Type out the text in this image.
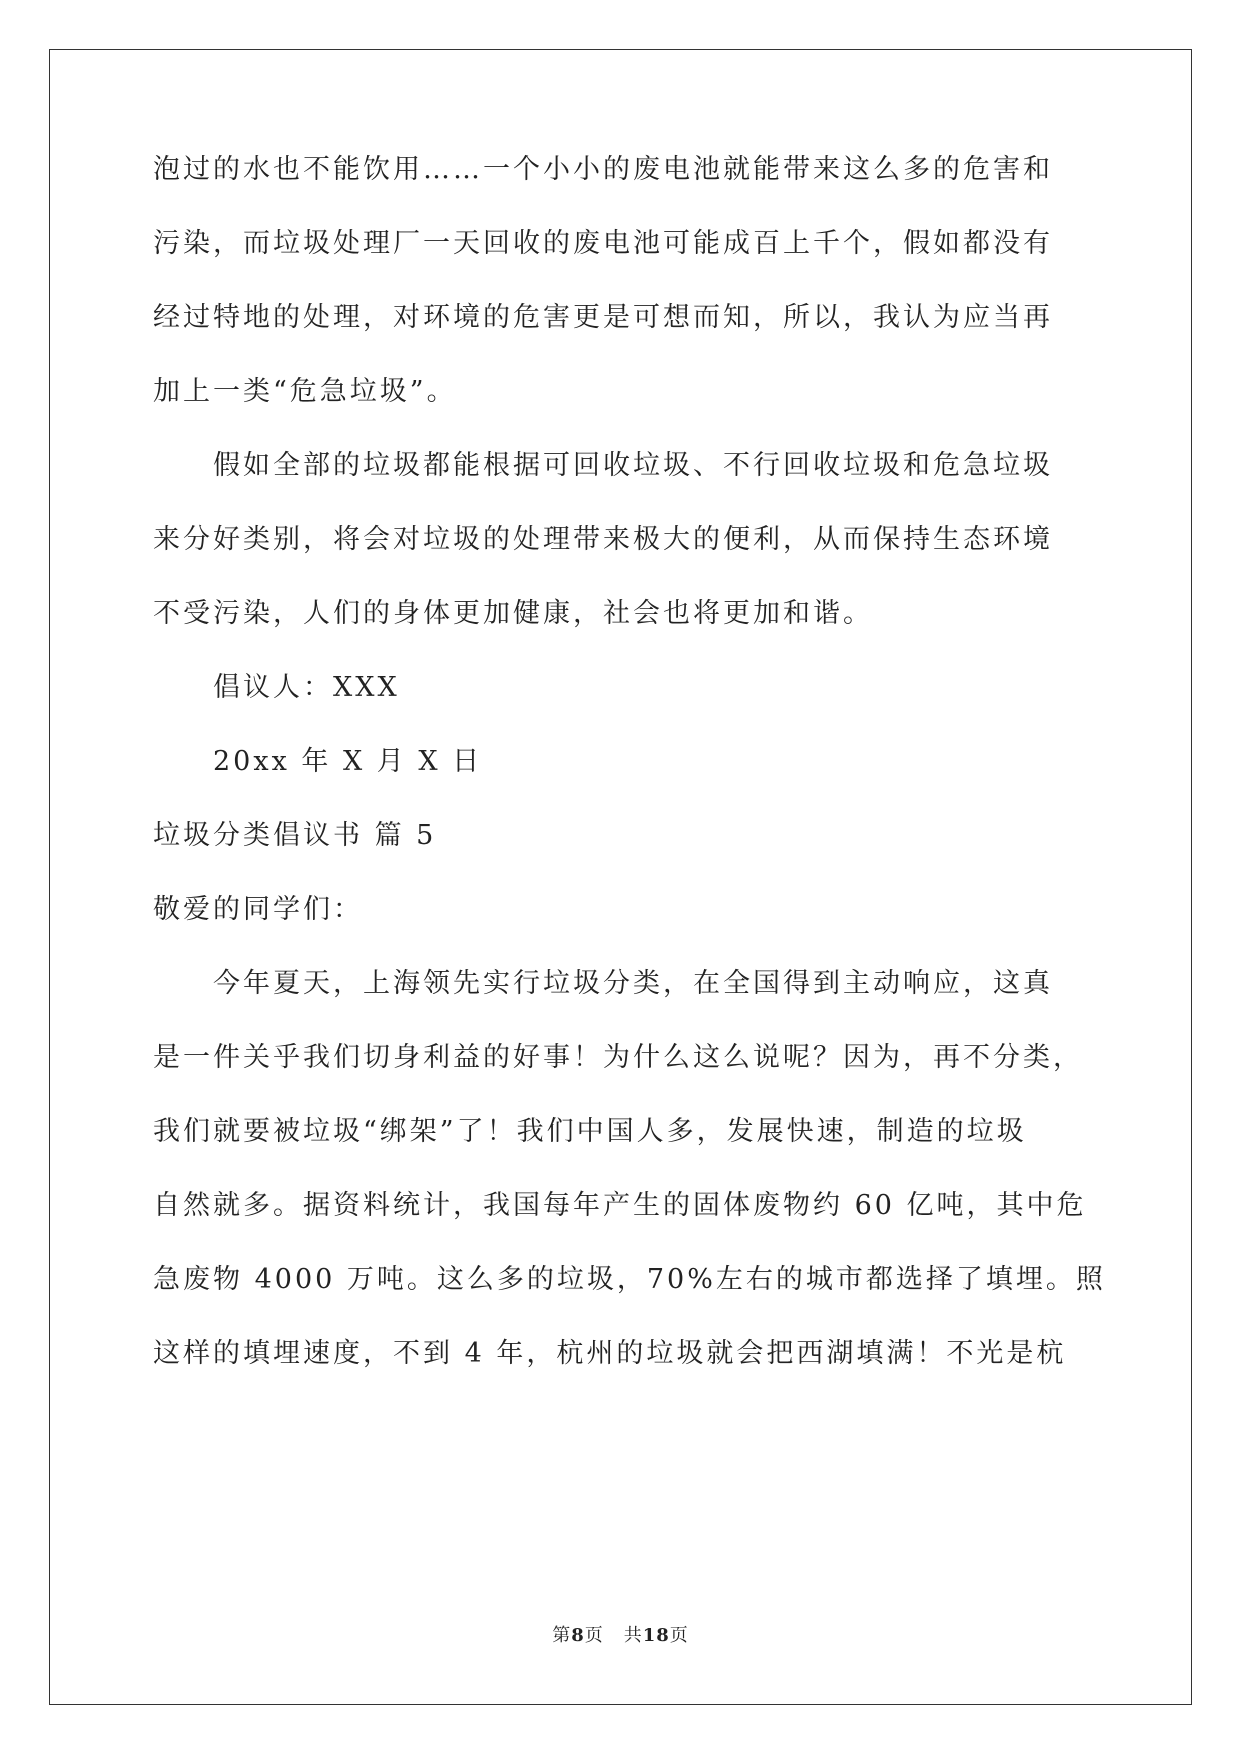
泡过的水也不能饮用……一个小小的废电池就能带来这么多的危害和
污染，而垃圾处理厂一天回收的废电池可能成百上千个，假如都没有
经过特地的处理，对环境的危害更是可想而知，所以，我认为应当再
加上一类“危急垃圾”。
假如全部的垃圾都能根据可回收垃圾、不行回收垃圾和危急垃圾
来分好类别，将会对垃圾的处理带来极大的便利，从而保持生态环境
不受污染，人们的身体更加健康，社会也将更加和谐。
倡议人：XXX
20xx 年 X 月 X 日
垃圾分类倡议书 篇 5
敬爱的同学们：
今年夏天，上海领先实行垃圾分类，在全国得到主动响应，这真
是一件关乎我们切身利益的好事！为什么这么说呢？因为，再不分类，
我们就要被垃圾“绑架”了！我们中国人多，发展快速，制造的垃圾
自然就多。据资料统计，我国每年产生的固体废物约 60 亿吨，其中危
急废物 4000 万吨。这么多的垃圾，70%左右的城市都选择了填埋。照
这样的填埋速度，不到 4 年，杭州的垃圾就会把西湖填满！不光是杭
第8页 共18页
